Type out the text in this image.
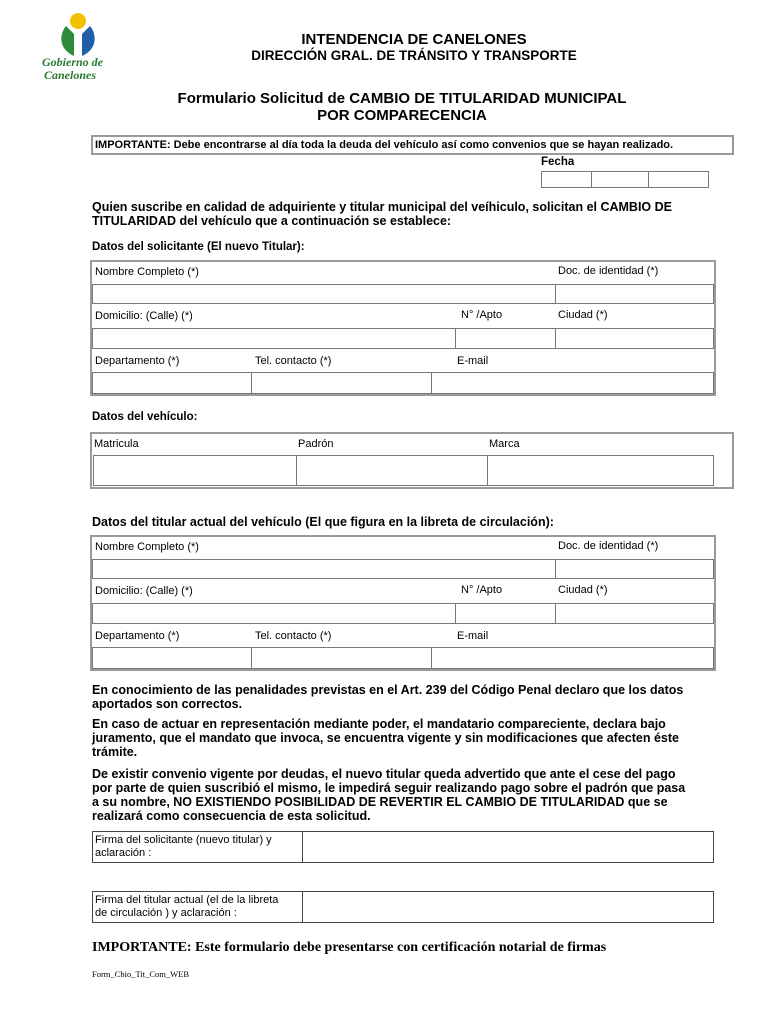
Gobierno de
Canelones
INTENDENCIA DE CANELONES
DIRECCIÓN GRAL. DE TRÁNSITO Y TRANSPORTE
Formulario Solicitud de CAMBIO DE TITULARIDAD MUNICIPAL
POR COMPARECENCIA
IMPORTANTE: Debe encontrarse al día toda la deuda del vehículo así como convenios que se hayan realizado.
Fecha
Quien suscribe en calidad de adquiriente y titular municipal del veíhiculo, solicitan el CAMBIO DE
TITULARIDAD del vehículo que a continuación se establece:
Datos del solicitante (El nuevo Titular):
Nombre Completo (*)	Doc. de identidad (*)
Domicilio: (Calle) (*)	N° /Apto	Ciudad (*)
Departamento (*)	Tel. contacto (*)	E-mail
Datos del vehículo:
Matricula	Padrón	Marca
Datos del titular actual del vehículo (El que figura en la libreta de circulación):
Nombre Completo (*)	Doc. de identidad (*)
Domicilio: (Calle) (*)	N° /Apto	Ciudad (*)
Departamento (*)	Tel. contacto (*)	E-mail
En conocimiento de las penalidades previstas en el Art. 239 del Código Penal declaro que los datos
aportados son correctos.
En caso de actuar en representación mediante poder, el mandatario compareciente, declara bajo
juramento, que el mandato que invoca, se encuentra vigente y sin modificaciones que afecten éste
trámite.
De existir convenio vigente por deudas, el nuevo titular queda advertido que ante el cese del pago
por parte de quien suscribió el mismo, le impedirá seguir realizando pago sobre el padrón que pasa
a su nombre, NO EXISTIENDO POSIBILIDAD DE REVERTIR EL CAMBIO DE TITULARIDAD que se
realizará como consecuencia de esta solicitud.
Firma del solicitante (nuevo titular) y
aclaración :
Firma del titular actual (el de la libreta
de circulación ) y aclaración :
IMPORTANTE: Este formulario debe presentarse con certificación notarial de firmas
Form_Cbio_Tit_Com_WEB
